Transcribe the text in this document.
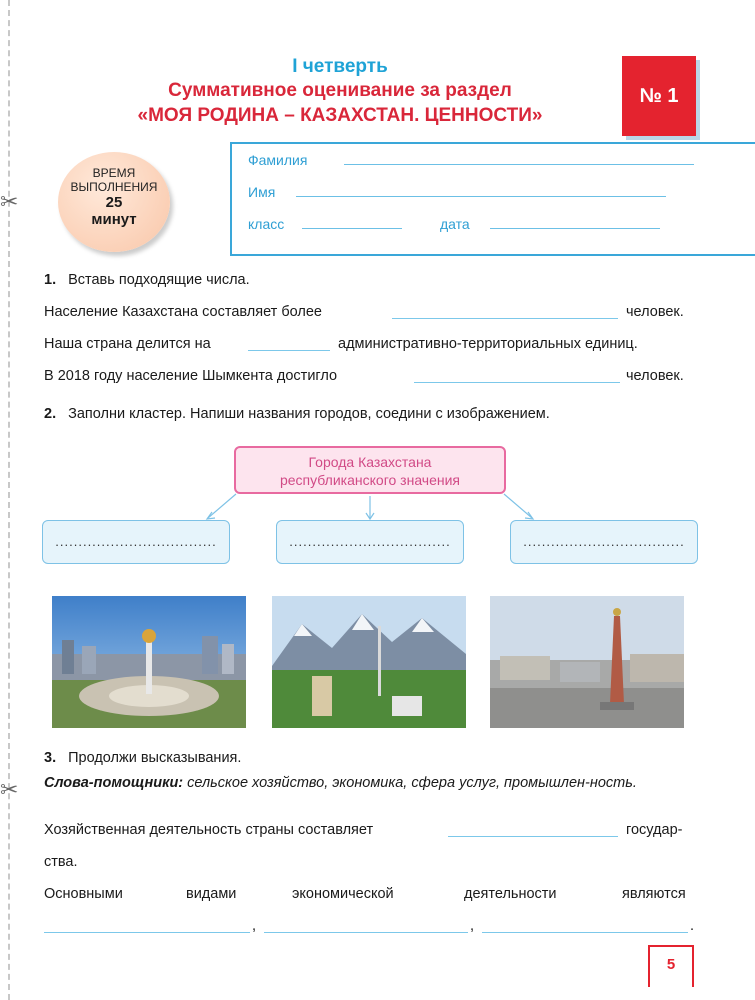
✂
✂
I четверть
Суммативное оценивание за раздел
«МОЯ РОДИНА – КАЗАХСТАН. ЦЕННОСТИ»
№ 1
ВРЕМЯ
ВЫПОЛНЕНИЯ
25
минут
Фамилия
Имя
класс	дата
1. Вставь подходящие числа.
Население Казахстана составляет более	человек.
Наша страна делится на	административно-территориальных единиц.
В 2018 году население Шымкента достигло	человек.
2. Заполни кластер. Напиши названия городов, соедини с изображением.
Города Казахстана
республиканского значения
...................................	...................................	...................................
3. Продолжи высказывания.
Слова-помощники: сельское хозяйство, экономика, сфера услуг, промышлен-ность.
Хозяйственная деятельность страны составляет	государ-
ства.
Основными	видами	экономической	деятельности	являются
,	,	.
5
